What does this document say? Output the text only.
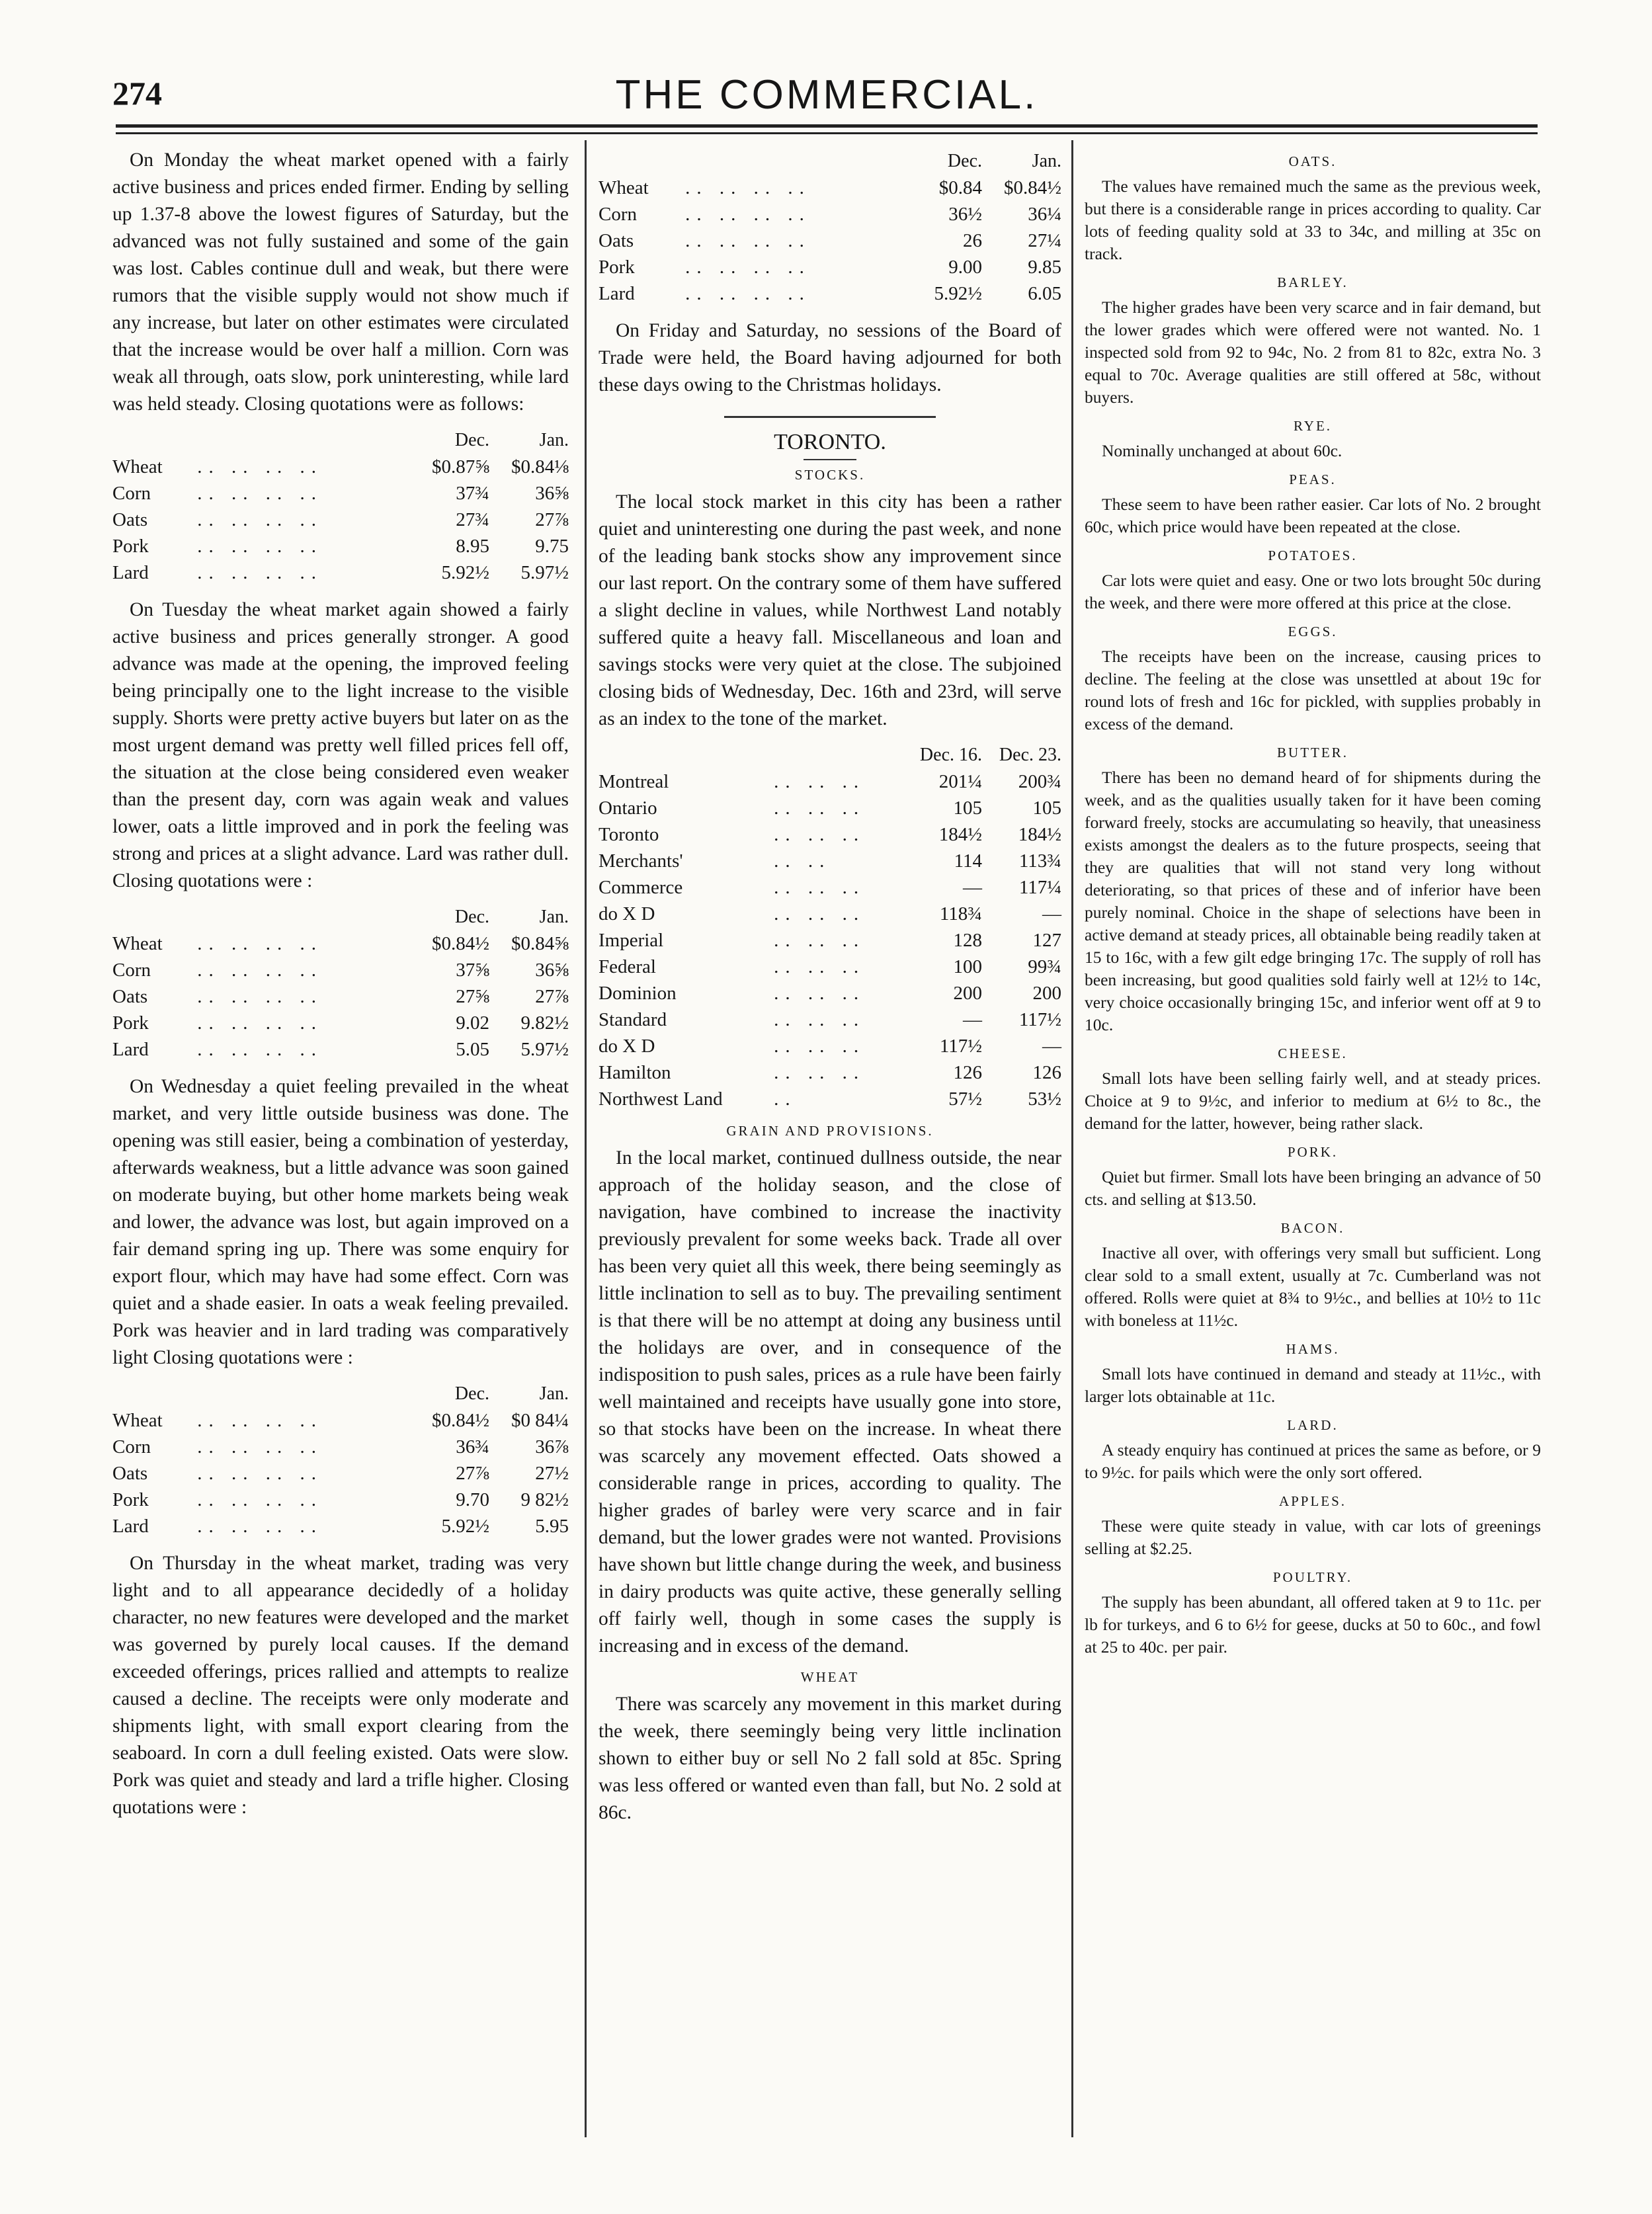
274	THE COMMERCIAL.

On Monday the wheat market opened with a fairly active business and prices ended firmer. Ending by selling up 1.37-8 above the lowest figures of Saturday, but the advanced was not fully sustained and some of the gain was lost. Cables continue dull and weak, but there were rumors that the visible supply would not show much if any increase, but later on other estimates were circulated that the increase would be over half a million. Corn was weak all through, oats slow, pork uninteresting, while lard was held steady. Closing quotations were as follows:

		Dec.	Jan.
Wheat	.. .. .. ..	$0.87⅝	$0.84⅛
Corn	.. .. .. ..	37¾	36⅝
Oats	.. .. .. ..	27¾	27⅞
Pork	.. .. .. ..	8.95	9.75
Lard	.. .. .. ..	5.92½	5.97½

On Tuesday the wheat market again showed a fairly active business and prices generally stronger. A good advance was made at the opening, the improved feeling being principally one to the light increase to the visible supply. Shorts were pretty active buyers but later on as the most urgent demand was pretty well filled prices fell off, the situation at the close being considered even weaker than the present day, corn was again weak and values lower, oats a little improved and in pork the feeling was strong and prices at a slight advance. Lard was rather dull. Closing quotations were :

		Dec.	Jan.
Wheat	.. .. .. ..	$0.84½	$0.84⅝
Corn	.. .. .. ..	37⅝	36⅝
Oats	.. .. .. ..	27⅝	27⅞
Pork	.. .. .. ..	9.02	9.82½
Lard	.. .. .. ..	5.05	5.97½

On Wednesday a quiet feeling prevailed in the wheat market, and very little outside business was done. The opening was still easier, being a combination of yesterday, afterwards weakness, but a little advance was soon gained on moderate buying, but other home markets being weak and lower, the advance was lost, but again improved on a fair demand spring ing up. There was some enquiry for export flour, which may have had some effect. Corn was quiet and a shade easier. In oats a weak feeling prevailed. Pork was heavier and in lard trading was comparatively light Closing quotations were :

		Dec.	Jan.
Wheat	.. .. .. ..	$0.84½	$0 84¼
Corn	.. .. .. ..	36¾	36⅞
Oats	.. .. .. ..	27⅞	27½
Pork	.. .. .. ..	9.70	9 82½
Lard	.. .. .. ..	5.92½	5.95

On Thursday in the wheat market, trading was very light and to all appearance decidedly of a holiday character, no new features were developed and the market was governed by purely local causes. If the demand exceeded offerings, prices rallied and attempts to realize caused a decline. The receipts were only moderate and shipments light, with small export clearing from the seaboard. In corn a dull feeling existed. Oats were slow. Pork was quiet and steady and lard a trifle higher. Closing quotations were :

		Dec.	Jan.
Wheat	.. .. .. ..	$0.84	$0.84½
Corn	.. .. .. ..	36½	36¼
Oats	.. .. .. ..	26	27¼
Pork	.. .. .. ..	9.00	9.85
Lard	.. .. .. ..	5.92½	6.05

On Friday and Saturday, no sessions of the Board of Trade were held, the Board having adjourned for both these days owing to the Christmas holidays.

TORONTO.
STOCKS.

The local stock market in this city has been a rather quiet and uninteresting one during the past week, and none of the leading bank stocks show any improvement since our last report. On the contrary some of them have suffered a slight decline in values, while Northwest Land notably suffered quite a heavy fall. Miscellaneous and loan and savings stocks were very quiet at the close. The subjoined closing bids of Wednesday, Dec. 16th and 23rd, will serve as an index to the tone of the market.

		Dec. 16.	Dec. 23.
Montreal	.. .. ..	201¼	200¾
Ontario	.. .. ..	105	105
Toronto	.. .. ..	184½	184½
Merchants'	.. ..	114	113¾
Commerce	.. .. ..	—	117¼
do X D	.. .. ..	118¾	—
Imperial	.. .. ..	128	127
Federal	.. .. ..	100	99¾
Dominion	.. .. ..	200	200
Standard	.. .. ..	—	117½
do X D	.. .. ..	117½	—
Hamilton	.. .. ..	126	126
Northwest Land	..	57½	53½
GRAIN AND PROVISIONS.

In the local market, continued dullness outside, the near approach of the holiday season, and the close of navigation, have combined to increase the inactivity previously prevalent for some weeks back. Trade all over has been very quiet all this week, there being seemingly as little inclination to sell as to buy. The prevailing sentiment is that there will be no attempt at doing any business until the holidays are over, and in consequence of the indisposition to push sales, prices as a rule have been fairly well maintained and receipts have usually gone into store, so that stocks have been on the increase. In wheat there was scarcely any movement effected. Oats showed a considerable range in prices, according to quality. The higher grades of barley were very scarce and in fair demand, but the lower grades were not wanted. Provisions have shown but little change during the week, and business in dairy products was quite active, these generally selling off fairly well, though in some cases the supply is increasing and in excess of the demand.

WHEAT

There was scarcely any movement in this market during the week, there seemingly being very little inclination shown to either buy or sell No 2 fall sold at 85c. Spring was less offered or wanted even than fall, but No. 2 sold at 86c.

OATS.

The values have remained much the same as the previous week, but there is a considerable range in prices according to quality. Car lots of feeding quality sold at 33 to 34c, and milling at 35c on track.

BARLEY.

The higher grades have been very scarce and in fair demand, but the lower grades which were offered were not wanted. No. 1 inspected sold from 92 to 94c, No. 2 from 81 to 82c, extra No. 3 equal to 70c. Average qualities are still offered at 58c, without buyers.

RYE.

Nominally unchanged at about 60c.

PEAS.

These seem to have been rather easier. Car lots of No. 2 brought 60c, which price would have been repeated at the close.

POTATOES.

Car lots were quiet and easy. One or two lots brought 50c during the week, and there were more offered at this price at the close.

EGGS.

The receipts have been on the increase, causing prices to decline. The feeling at the close was unsettled at about 19c for round lots of fresh and 16c for pickled, with supplies probably in excess of the demand.

BUTTER.

There has been no demand heard of for shipments during the week, and as the qualities usually taken for it have been coming forward freely, stocks are accumulating so heavily, that uneasiness exists amongst the dealers as to the future prospects, seeing that they are qualities that will not stand very long without deteriorating, so that prices of these and of inferior have been purely nominal. Choice in the shape of selections have been in active demand at steady prices, all obtainable being readily taken at 15 to 16c, with a few gilt edge bringing 17c. The supply of roll has been increasing, but good qualities sold fairly well at 12½ to 14c, very choice occasionally bringing 15c, and inferior went off at 9 to 10c.

CHEESE.

Small lots have been selling fairly well, and at steady prices. Choice at 9 to 9½c, and inferior to medium at 6½ to 8c., the demand for the latter, however, being rather slack.

PORK.

Quiet but firmer. Small lots have been bringing an advance of 50 cts. and selling at $13.50.

BACON.

Inactive all over, with offerings very small but sufficient. Long clear sold to a small extent, usually at 7c. Cumberland was not offered. Rolls were quiet at 8¾ to 9½c., and bellies at 10½ to 11c with boneless at 11½c.

HAMS.

Small lots have continued in demand and steady at 11½c., with larger lots obtainable at 11c.

LARD.

A steady enquiry has continued at prices the same as before, or 9 to 9½c. for pails which were the only sort offered.

APPLES.

These were quite steady in value, with car lots of greenings selling at $2.25.

POULTRY.

The supply has been abundant, all offered taken at 9 to 11c. per lb for turkeys, and 6 to 6½ for geese, ducks at 50 to 60c., and fowl at 25 to 40c. per pair.
